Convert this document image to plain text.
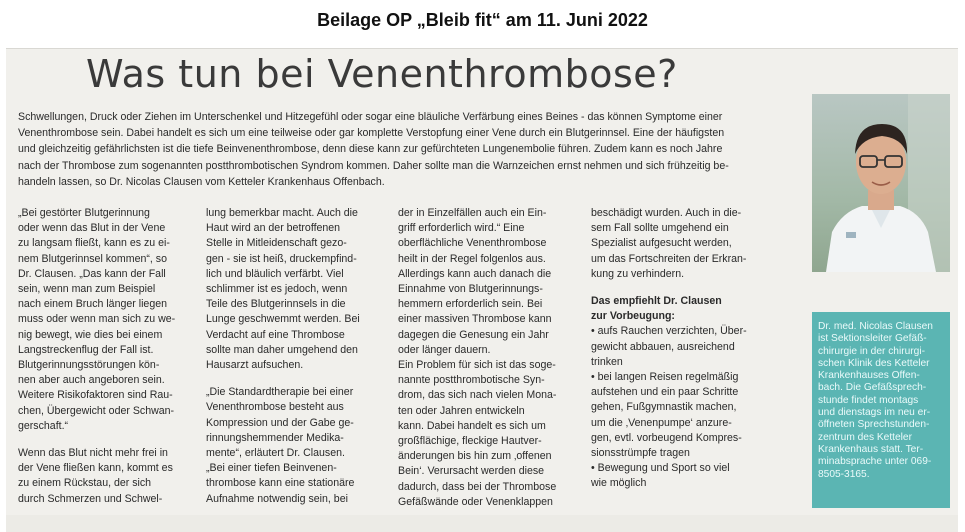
Beilage OP „Bleib fit“ am 11. Juni 2022
Was tun bei Venenthrombose?
Schwellungen, Druck oder Ziehen im Unterschenkel und Hitzegefühl oder sogar eine bläuliche Verfärbung eines Beines - das können Symptome einer
Venenthrombose sein. Dabei handelt es sich um eine teilweise oder gar komplette Verstopfung einer Vene durch ein Blutgerinnsel. Eine der häufigsten
und gleichzeitig gefährlichsten ist die tiefe Beinvenenthrombose, denn diese kann zur gefürchteten Lungenembolie führen. Zudem kann es noch Jahre
nach der Thrombose zum sogenannten postthrombotischen Syndrom kommen. Daher sollte man die Warnzeichen ernst nehmen und sich frühzeitig be-
handeln lassen, so Dr. Nicolas Clausen vom Ketteler Krankenhaus Offenbach.
„Bei gestörter Blutgerinnung
oder wenn das Blut in der Vene
zu langsam fließt, kann es zu ei-
nem Blutgerinnsel kommen“, so
Dr. Clausen. „Das kann der Fall
sein, wenn man zum Beispiel
nach einem Bruch länger liegen
muss oder wenn man sich zu we-
nig bewegt, wie dies bei einem
Langstreckenflug der Fall ist.
Blutgerinnungsstörungen kön-
nen aber auch angeboren sein.
Weitere Risikofaktoren sind Rau-
chen, Übergewicht oder Schwan-
gerschaft.“
Wenn das Blut nicht mehr frei in
der Vene fließen kann, kommt es
zu einem Rückstau, der sich
durch Schmerzen und Schwel-
lung bemerkbar macht. Auch die
Haut wird an der betroffenen
Stelle in Mitleidenschaft gezo-
gen - sie ist heiß, druckempfind-
lich und bläulich verfärbt. Viel
schlimmer ist es jedoch, wenn
Teile des Blutgerinnsels in die
Lunge geschwemmt werden. Bei
Verdacht auf eine Thrombose
sollte man daher umgehend den
Hausarzt aufsuchen.
„Die Standardtherapie bei einer
Venenthrombose besteht aus
Kompression und der Gabe ge-
rinnungshemmender Medika-
mente“, erläutert Dr. Clausen.
„Bei einer tiefen Beinvenen-
thrombose kann eine stationäre
Aufnahme notwendig sein, bei
der in Einzelfällen auch ein Ein-
griff erforderlich wird.“ Eine
oberflächliche Venenthrombose
heilt in der Regel folgenlos aus.
Allerdings kann auch danach die
Einnahme von Blutgerinnungs-
hemmern erforderlich sein. Bei
einer massiven Thrombose kann
dagegen die Genesung ein Jahr
oder länger dauern.
Ein Problem für sich ist das soge-
nannte postthrombotische Syn-
drom, das sich nach vielen Mona-
ten oder Jahren entwickeln
kann. Dabei handelt es sich um
großflächige, fleckige Hautver-
änderungen bis hin zum ‚offenen
Bein‘. Verursacht werden diese
dadurch, dass bei der Thrombose
Gefäßwände oder Venenklappen
beschädigt wurden. Auch in die-
sem Fall sollte umgehend ein
Spezialist aufgesucht werden,
um das Fortschreiten der Erkran-
kung zu verhindern.
Das empfiehlt Dr. Clausen
zur Vorbeugung:
• aufs Rauchen verzichten, Über-
gewicht abbauen, ausreichend
trinken
• bei langen Reisen regelmäßig
aufstehen und ein paar Schritte
gehen, Fußgymnastik machen,
um die ‚Venenpumpe‘ anzure-
gen, evtl. vorbeugend Kompres-
sionsstrümpfe tragen
• Bewegung und Sport so viel
wie möglich
Dr. med. Nicolas Clausen
ist Sektionsleiter Gefäß-
chirurgie in der chirurgi-
schen Klinik des Ketteler
Krankenhauses Offen-
bach. Die Gefäßsprech-
stunde findet montags
und dienstags im neu er-
öffneten Sprechstunden-
zentrum des Ketteler
Krankenhaus statt. Ter-
minabsprache unter 069-
8505-3165.
